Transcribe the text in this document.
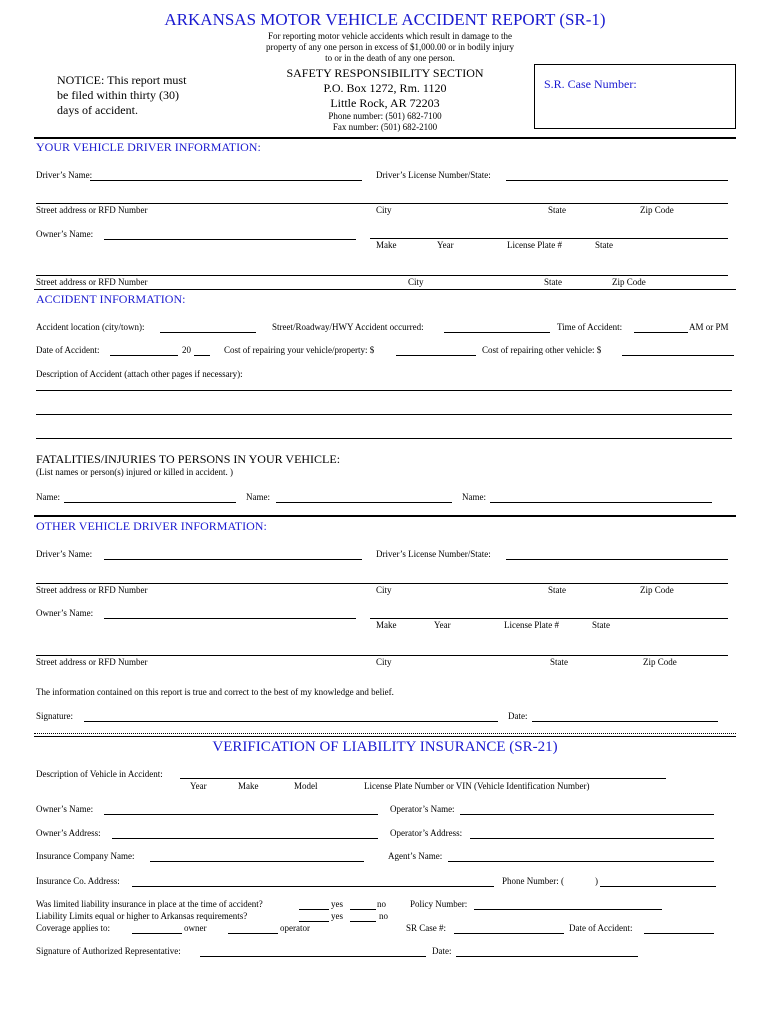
ARKANSAS MOTOR VEHICLE ACCIDENT REPORT (SR-1)
For reporting motor vehicle accidents which result in damage to the
property of any one person in excess of $1,000.00 or in bodily injury
to or in the death of any one person.
NOTICE: This report must
be filed within thirty (30)
days of accident.
SAFETY RESPONSIBILITY SECTION
P.O. Box 1272, Rm. 1120
Little Rock, AR 72203
Phone number: (501) 682-7100
Fax number: (501) 682-2100
S.R. Case Number:
YOUR VEHICLE DRIVER INFORMATION:
Driver’s Name:	Driver’s License Number/State:
Street address or RFD Number	City	State	Zip Code
Owner’s Name:
Make	Year	License Plate #	State
Street address or RFD Number	City	State	Zip Code
ACCIDENT INFORMATION:
Accident location (city/town):	Street/Roadway/HWY Accident occurred:	Time of Accident:	AM or PM
Date of Accident:	20	Cost of repairing your vehicle/property: $	Cost of repairing other vehicle: $
Description of Accident (attach other pages if necessary):
FATALITIES/INJURIES TO PERSONS IN YOUR VEHICLE:
(List names or person(s) injured or killed in accident. )
Name:	Name:	Name:
OTHER VEHICLE DRIVER INFORMATION:
Driver’s Name:	Driver’s License Number/State:
Street address or RFD Number	City	State	Zip Code
Owner’s Name:
Make	Year	License Plate #	State
Street address or RFD Number	City	State	Zip Code
The information contained on this report is true and correct to the best of my knowledge and belief.
Signature:	Date:
VERIFICATION OF LIABILITY INSURANCE (SR-21)
Description of Vehicle in Accident:
Year	Make	Model	License Plate Number or VIN (Vehicle Identification Number)
Owner’s Name:	Operator’s Name:
Owner’s Address:	Operator’s Address:
Insurance Company Name:	Agent’s Name:
Insurance Co. Address:	Phone Number: (	)
Was limited liability insurance in place at the time of accident?	yes	no	Policy Number:
Liability Limits equal or higher to Arkansas requirements?	yes	no
Coverage applies to:	owner	operator	SR Case #:	Date of Accident:
Signature of Authorized Representative:	Date:
